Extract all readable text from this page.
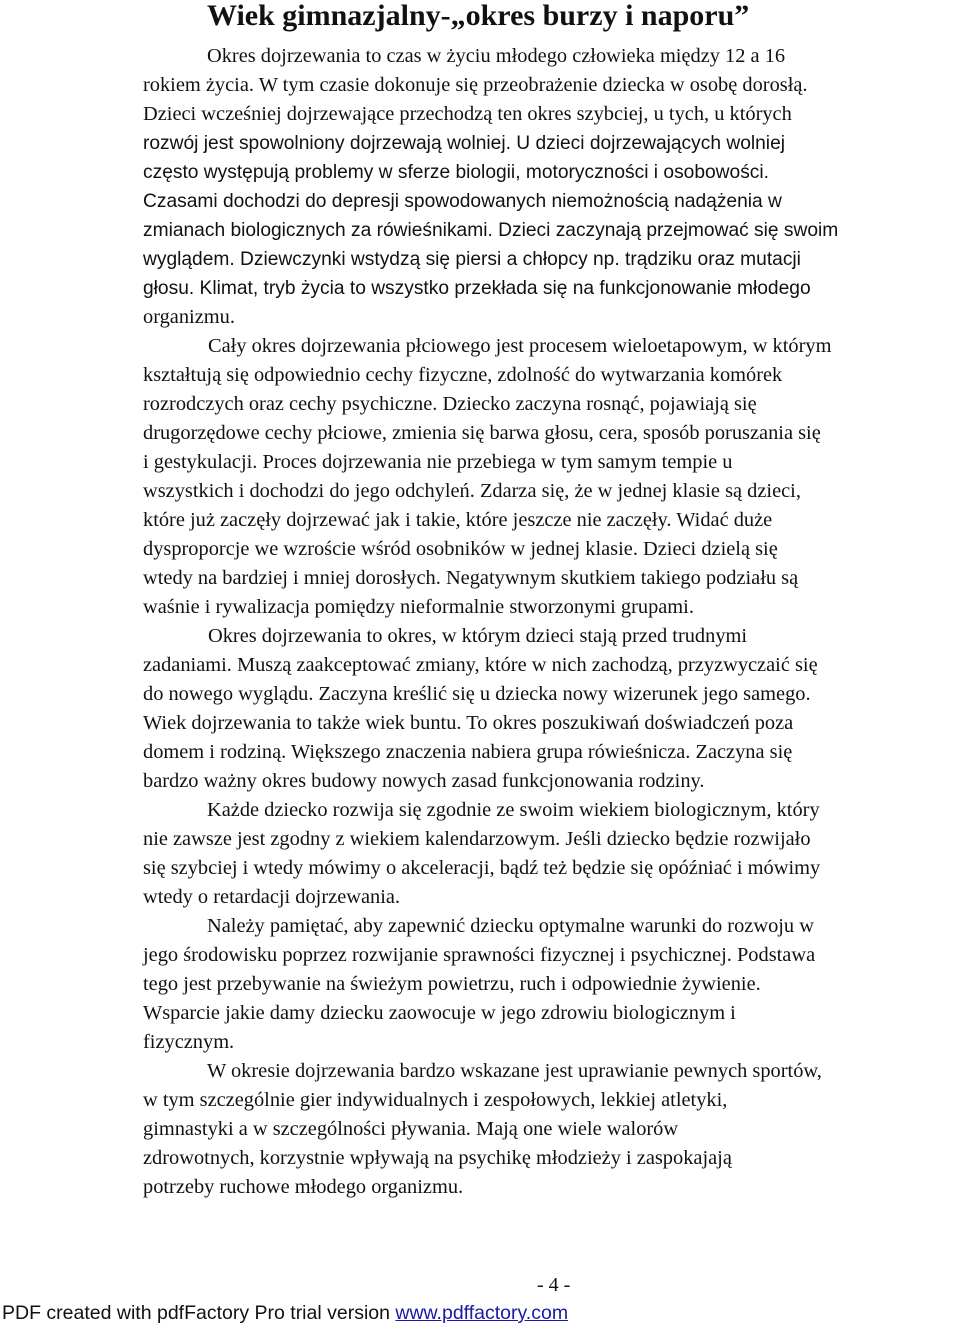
Wiek gimnazjalny-„okres burzy i naporu”
Okres dojrzewania to czas w życiu młodego człowieka między 12 a 16
rokiem życia. W tym czasie dokonuje się przeobrażenie dziecka w osobę dorosłą.
Dzieci wcześniej dojrzewające przechodzą ten okres szybciej, u tych, u których
rozwój jest spowolniony dojrzewają wolniej. U dzieci dojrzewających wolniej
często występują problemy w sferze biologii, motoryczności i osobowości.
Czasami dochodzi do depresji spowodowanych niemożnością nadążenia w
zmianach biologicznych za rówieśnikami. Dzieci zaczynają przejmować się swoim
wyglądem. Dziewczynki wstydzą się piersi a chłopcy np. trądziku oraz mutacji
głosu. Klimat, tryb życia to wszystko przekłada się na funkcjonowanie młodego
organizmu.
Cały okres dojrzewania płciowego jest procesem wieloetapowym, w którym
kształtują się odpowiednio cechy fizyczne, zdolność do wytwarzania komórek
rozrodczych oraz cechy psychiczne. Dziecko zaczyna rosnąć, pojawiają się
drugorzędowe cechy płciowe, zmienia się barwa głosu, cera, sposób poruszania się
i gestykulacji. Proces dojrzewania nie przebiega w tym samym tempie u
wszystkich i dochodzi do jego odchyleń. Zdarza się, że w jednej klasie są dzieci,
które już zaczęły dojrzewać jak i takie, które jeszcze nie zaczęły. Widać duże
dysproporcje we wzroście wśród osobników w jednej klasie. Dzieci dzielą się
wtedy na bardziej i mniej dorosłych. Negatywnym skutkiem takiego podziału są
waśnie i rywalizacja pomiędzy nieformalnie stworzonymi grupami.
Okres dojrzewania to okres, w którym dzieci stają przed trudnymi
zadaniami. Muszą zaakceptować zmiany, które w nich zachodzą, przyzwyczaić się
do nowego wyglądu. Zaczyna kreślić się u dziecka nowy wizerunek jego samego.
Wiek dojrzewania to także wiek buntu. To okres poszukiwań doświadczeń poza
domem i rodziną. Większego znaczenia nabiera grupa rówieśnicza. Zaczyna się
bardzo ważny okres budowy nowych zasad funkcjonowania rodziny.
Każde dziecko rozwija się zgodnie ze swoim wiekiem biologicznym, który
nie zawsze jest zgodny z wiekiem kalendarzowym. Jeśli dziecko będzie rozwijało
się szybciej i wtedy mówimy o akceleracji, bądź też będzie się opóźniać i mówimy
wtedy o retardacji dojrzewania.
Należy pamiętać, aby zapewnić dziecku optymalne warunki do rozwoju w
jego środowisku poprzez rozwijanie sprawności fizycznej i psychicznej. Podstawa
tego jest przebywanie na świeżym powietrzu, ruch i odpowiednie żywienie.
Wsparcie jakie damy dziecku zaowocuje w jego zdrowiu biologicznym i
fizycznym.
W okresie dojrzewania bardzo wskazane jest uprawianie pewnych sportów,
w tym szczególnie gier indywidualnych i zespołowych, lekkiej atletyki,
gimnastyki a w szczególności pływania. Mają one wiele walorów
zdrowotnych, korzystnie wpływają na psychikę młodzieży i zaspokajają
potrzeby ruchowe młodego organizmu.
- 4 -
PDF created with pdfFactory Pro trial version www.pdffactory.com
